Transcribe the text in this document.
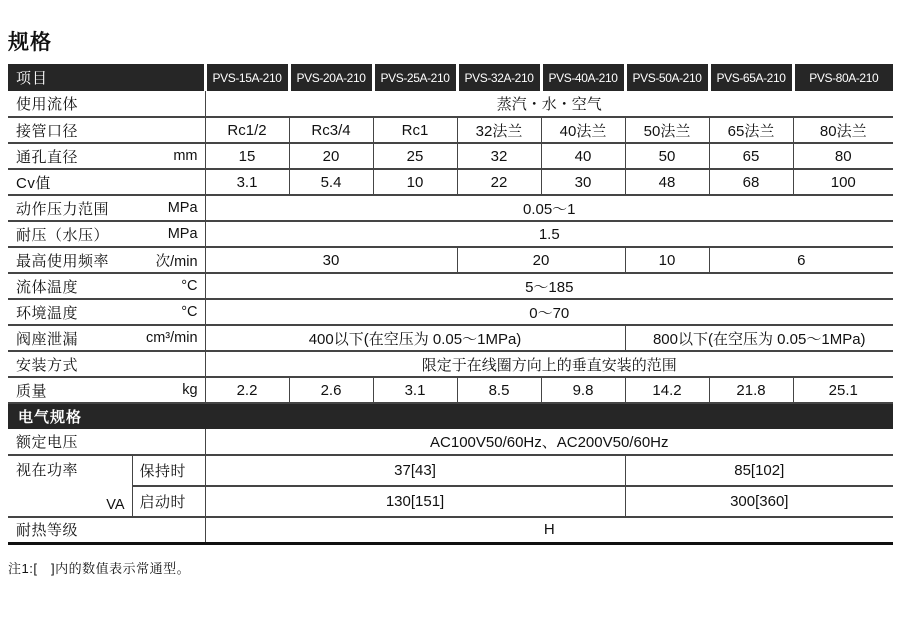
规格
项目		PVS-15A-210	PVS-20A-210	PVS-25A-210	PVS-32A-210	PVS-40A-210	PVS-50A-210	PVS-65A-210	PVS-80A-210

使用流体		蒸汽・水・空气							

接管口径		Rc1/2	Rc3/4	Rc1	32法兰	40法兰	50法兰	65法兰	80法兰

通孔直径 mm		15	20	25	32	40	50	65	80

Cv值		3.1	5.4	10	22	30	48	68	100

动作压力范围 MPa		0.05～1							

耐压（水压） MPa		1.5							

最高使用频率 次/min		30			20		10	6	

流体温度 °C		5～185							

环境温度 °C		0～70							

阀座泄漏 cm³/min		400以下(在空压为 0.05～1MPa)					800以下(在空压为 0.05～1MPa)		

安装方式		限定于在线圈方向上的垂直安装的范围							

质量 kg		2.2	2.6	3.1	8.5	9.8	14.2	21.8	25.1
电气规格									

额定电压		AC100V50/60Hz、AC200V50/60Hz							

视在功率
VA	保持时	37[43]					85[102]		
	启动时	130[151]					300[360]		

耐热等级		H							

注1:[　]内的数值表示常通型。
